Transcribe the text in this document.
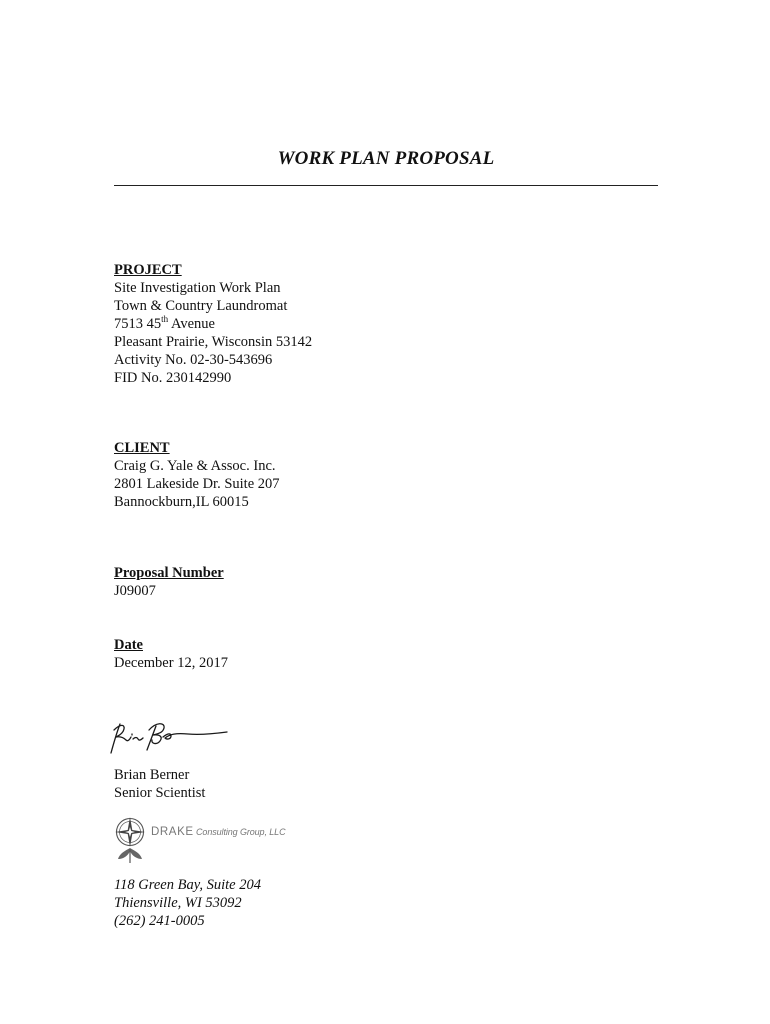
WORK PLAN PROPOSAL
PROJECT
Site Investigation Work Plan
Town & Country Laundromat
7513 45th Avenue
Pleasant Prairie, Wisconsin 53142
Activity No. 02-30-543696
FID No. 230142990
CLIENT
Craig G. Yale & Assoc. Inc.
2801 Lakeside Dr. Suite 207
Bannockburn,IL 60015
Proposal Number
J09007
Date
December 12, 2017
Brian Berner
Senior Scientist
DRAKE Consulting Group, LLC
118 Green Bay, Suite 204
Thiensville, WI 53092
(262) 241-0005
